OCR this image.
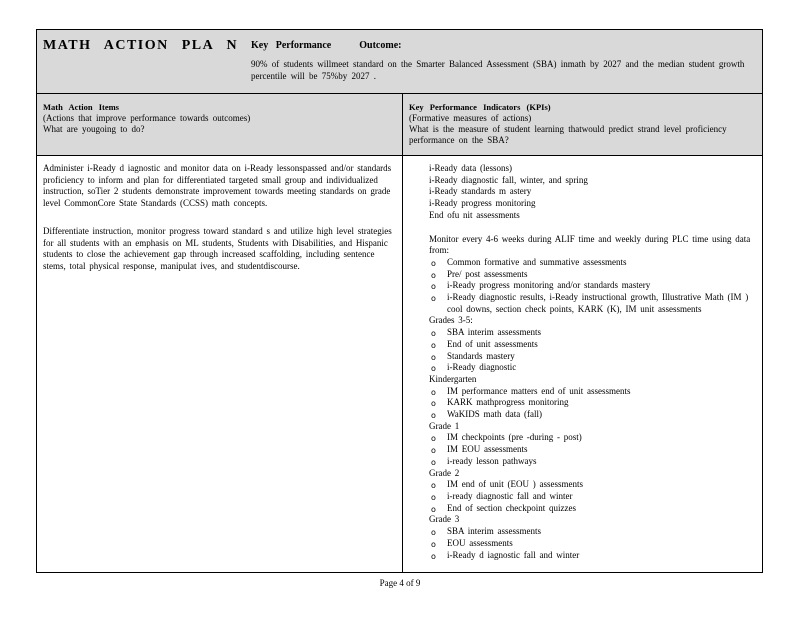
MATH ACTION PLA N Key Performance	Outcome:
90% of students willmeet standard on the Smarter Balanced Assessment (SBA) inmath by 2027 and the median student growth percentile will be 75%by 2027 .
Math Action Items
(Actions that improve performance towards outcomes)
What are yougoing to do?
Key Performance Indicators (KPIs)
(Formative measures of actions)
What is the measure of student learning thatwould predict strand level proficiency performance on the SBA?

Administer i-Ready d iagnostic and monitor data on i-Ready lessonspassed and/or standards proficiency to inform and plan for differentiated targeted small group and individualized instruction, soTier 2 students demonstrate improvement towards meeting standards on grade level CommonCore State Standards (CCSS) math concepts.

Differentiate instruction, monitor progress toward standard s and utilize high level strategies for all students with an emphasis on ML students, Students with Disabilities, and Hispanic students to close the achievement gap through increased scaffolding, including sentence stems, total physical response, manipulat ives, and studentdiscourse.

i-Ready data (lessons)
i-Ready diagnostic fall, winter, and spring
i-Ready standards m astery
i-Ready progress monitoring
End ofu nit assessments
Monitor every 4-6 weeks during ALIF time and weekly during PLC time using data from:
o Common formative and summative assessments
o Pre/ post assessments
o i-Ready progress monitoring and/or standards mastery
o i-Ready diagnostic results, i-Ready instructional growth, Illustrative Math (IM ) cool downs, section check points, KARK (K), IM unit assessments
Grades 3-5:
o SBA interim assessments
o End of unit assessments
o Standards mastery
o i-Ready diagnostic
Kindergarten
o IM performance matters end of unit assessments
o KARK mathprogress monitoring
o WaKIDS math data (fall)
Grade 1
o IM checkpoints (pre -during - post)
o IM EOU assessments
o i-ready lesson pathways
Grade 2
o IM end of unit (EOU ) assessments
o i-ready diagnostic fall and winter
o End of section checkpoint quizzes
Grade 3
o SBA interim assessments
o EOU assessments
o i-Ready d iagnostic fall and winter
Page 4 of 9
